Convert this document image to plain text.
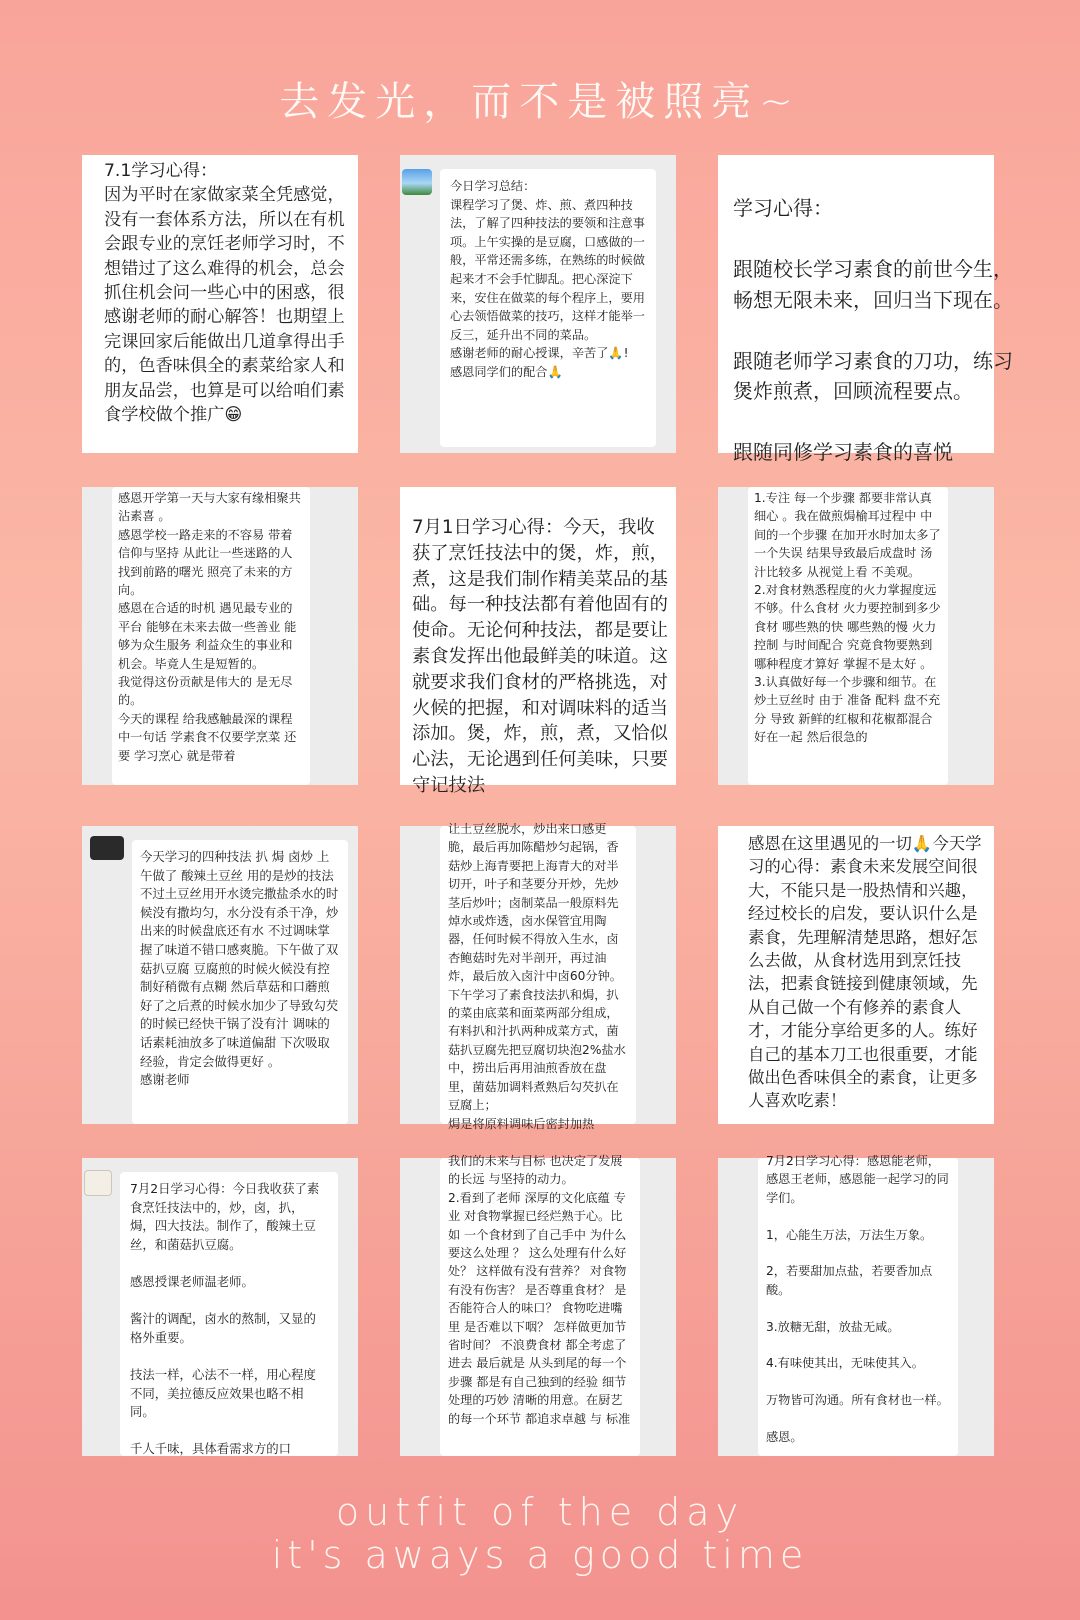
去发光，而不是被照亮~

7.1学习心得：
因为平时在家做家菜全凭感觉，没有一套体系方法，所以在有机会跟专业的烹饪老师学习时，不想错过了这么难得的机会，总会抓住机会问一些心中的困惑，很感谢老师的耐心解答！也期望上完课回家后能做出几道拿得出手的，色香味俱全的素菜给家人和朋友品尝，也算是可以给咱们素食学校做个推广😁

今日学习总结：
课程学习了煲、炸、煎、煮四种技法，了解了四种技法的要领和注意事项。上午实操的是豆腐，口感做的一般，平常还需多练，在熟练的时候做起来才不会手忙脚乱。把心深淀下来，安住在做菜的每个程序上，要用心去领悟做菜的技巧，这样才能举一反三，延升出不同的菜品。
感谢老师的耐心授课，辛苦了🙏!
感恩同学们的配合🙏

学习心得：

跟随校长学习素食的前世今生，畅想无限未来，回归当下现在。

跟随老师学习素食的刀功，练习煲炸煎煮，回顾流程要点。

跟随同修学习素食的喜悦

感恩开学第一天与大家有缘相聚共沾素喜 。
感恩学校一路走来的不容易 带着信仰与坚持 从此让一些迷路的人 找到前路的曙光 照亮了未来的方向。
感恩在合适的时机 遇见最专业的平台 能够在未来去做一些善业 能够为众生服务 利益众生的事业和机会。毕竟人生是短暂的。
我觉得这份贡献是伟大的 是无尽的。
今天的课程 给我感触最深的课程中一句话 学素食不仅要学烹菜 还要 学习烹心 就是带着

7月1日学习心得：今天，我收获了烹饪技法中的煲，炸，煎，煮，这是我们制作精美菜品的基础。每一种技法都有着他固有的使命。无论何种技法，都是要让素食发挥出他最鲜美的味道。这就要求我们食材的严格挑选，对火候的把握，和对调味料的适当添加。煲，炸，煎，煮，又恰似心法，无论遇到任何美味，只要守记技法

1.专注 每一个步骤 都要非常认真 细心 。我在做煎焗榆耳过程中 中间的一个步骤 在加开水时加太多了 一个失误 结果导致最后成盘时 汤 汁比较多 从视觉上看 不美观。
2.对食材熟悉程度的火力掌握度远不够。什么食材 火力要控制到多少 食材 哪些熟的快 哪些熟的慢 火力控制 与时间配合 究竟食物要熟到哪种程度才算好 掌握不是太好 。
3.认真做好每一个步骤和细节。在炒土豆丝时 由于 准备 配料 盘不充分 导致 新鲜的红椒和花椒都混合好在一起 然后很急的

今天学习的四种技法 扒 焗 卤炒 上午做了 酸辣土豆丝 用的是炒的技法 不过土豆丝用开水烫完撒盐杀水的时候没有撒均匀，水分没有杀干净，炒出来的时候盘底还有水 不过调味掌握了味道不错口感爽脆。下午做了双菇扒豆腐 豆腐煎的时候火候没有控制好稍微有点糊 然后草菇和口蘑煎好了之后煮的时候水加少了导致勾芡的时候已经快干锅了没有汁 调味的话素耗油放多了味道偏甜 下次吸取经验，肯定会做得更好 。
感谢老师

让土豆丝脱水，炒出来口感更脆，最后再加陈醋炒匀起锅，香菇炒上海青要把上海青大的对半切开，叶子和茎要分开炒，先炒茎后炒叶；卤制菜品一般原料先焯水或炸透，卤水保管宜用陶器，任何时候不得放入生水，卤杏鲍菇时先对半剖开，再过油炸，最后放入卤汁中卤60分钟。下午学习了素食技法扒和焗，扒的菜由底菜和面菜两部分组成，有料扒和汁扒两种成菜方式，菌菇扒豆腐先把豆腐切块泡2%盐水中，捞出后再用油煎香放在盘里，菌菇加调料煮熟后勾芡扒在豆腐上；
焗是将原料调味后密封加热

感恩在这里遇见的一切🙏今天学习的心得：素食未来发展空间很大，不能只是一股热情和兴趣，经过校长的启发，要认识什么是素食，先理解清楚思路，想好怎么去做，从食材选用到烹饪技法，把素食链接到健康领域，先从自己做一个有修养的素食人才，才能分享给更多的人。练好自己的基本刀工也很重要，才能做出色香味俱全的素食，让更多人喜欢吃素！

7月2日学习心得：今日我收获了素食烹饪技法中的，炒，卤，扒，焗，四大技法。制作了，酸辣土豆丝，和菌菇扒豆腐。

感恩授课老师温老师。

酱汁的调配，卤水的熬制，又显的格外重要。

技法一样，心法不一样，用心程度不同，美拉德反应效果也略不相同。

千人千味，具体看需求方的口

我们的未来与目标 也决定了发展的长远 与坚持的动力。
2.看到了老师 深厚的文化底蕴 专业 对食物掌握已经烂熟于心。比如 一个食材到了自己手中 为什么要这么处理 ？ 这么处理有什么好处？ 这样做有没有营养？ 对食物有没有伤害？ 是否尊重食材？ 是否能符合人的味口？ 食物吃进嘴里 是否难以下咽？ 怎样做更加节省时间？ 不浪费食材 都全考虑了进去 最后就是 从头到尾的每一个步骤 都是有自己独到的经验 细节 处理的巧妙 清晰的用意。在厨艺的每一个环节 都追求卓越 与 标准

7月2日学习心得：感恩能老师，感恩王老师，感恩能一起学习的同学们。

1，心能生万法，万法生万象。

2，若要甜加点盐，若要香加点酸。

3.放糖无甜，放盐无咸。

4.有味使其出，无味使其入。

万物皆可沟通。所有食材也一样。

感恩。

outfit of the day
it's aways a good time
